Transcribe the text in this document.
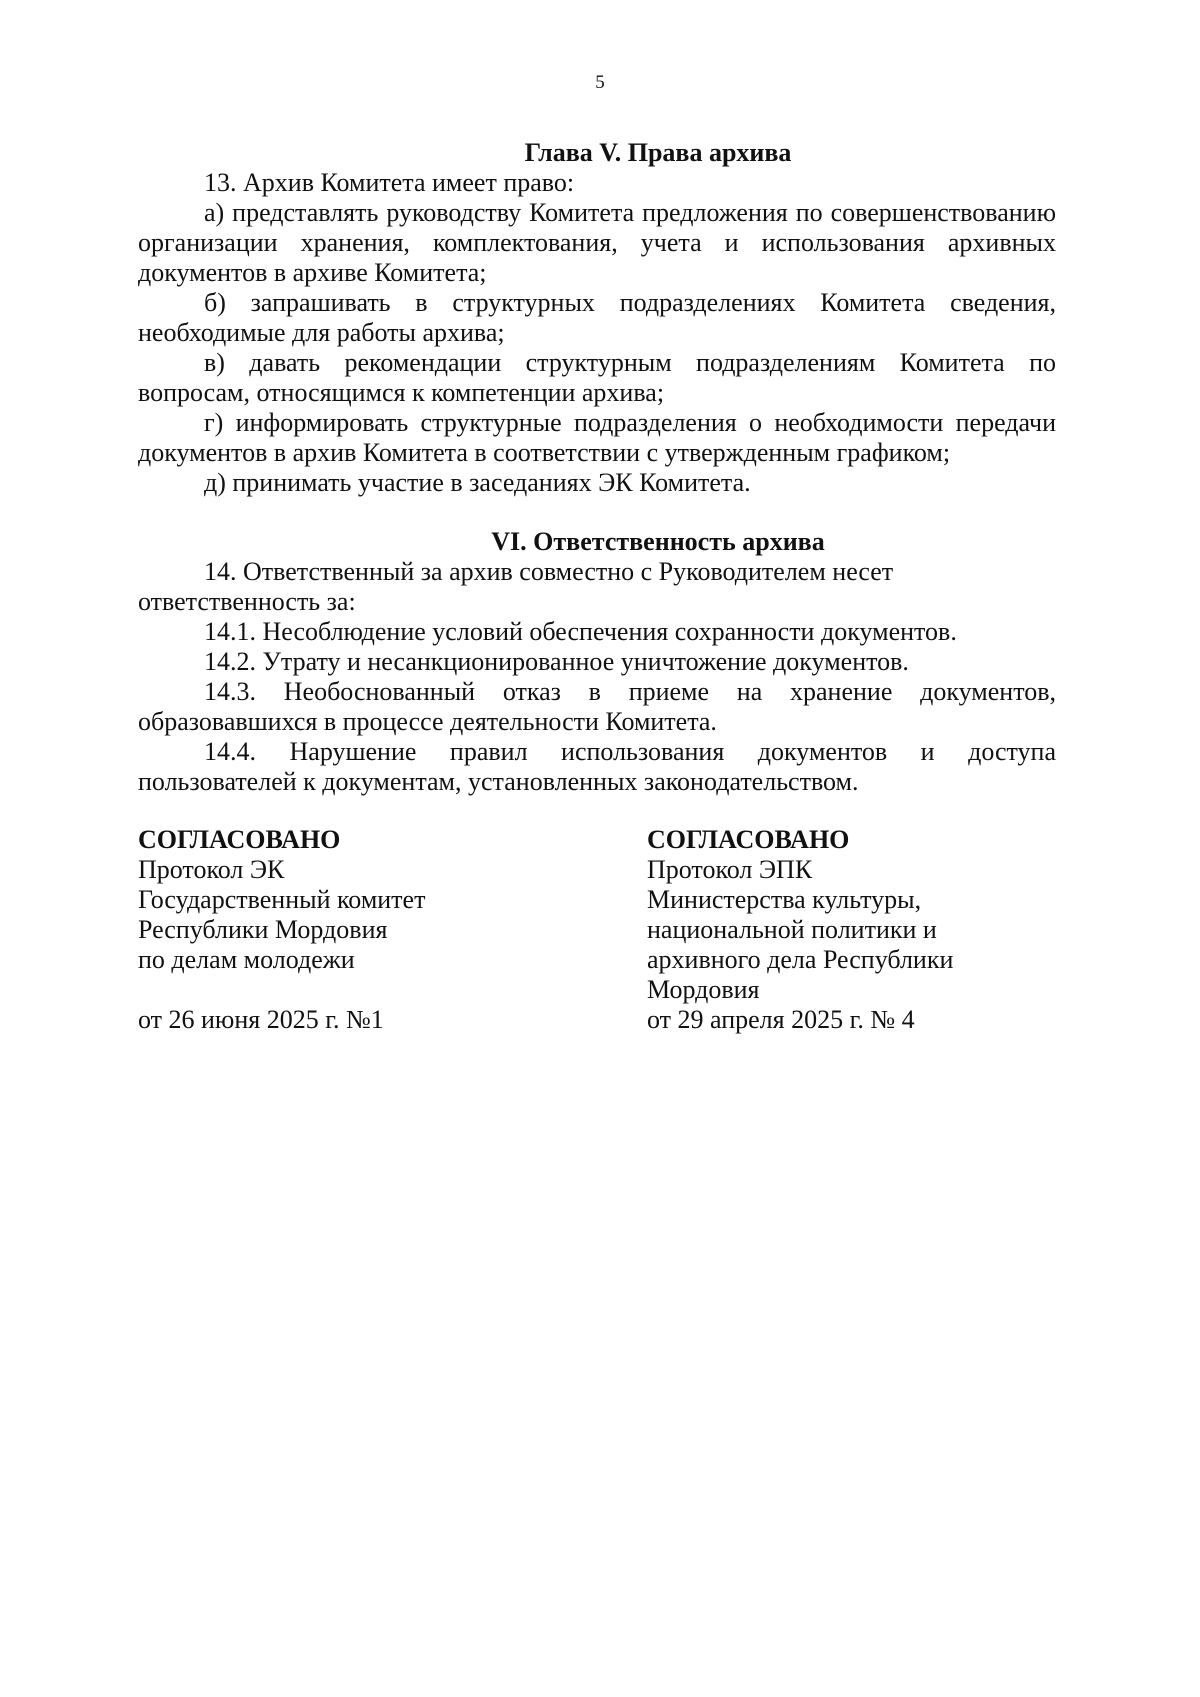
5
Глава V. Права архива

13. Архив Комитета имеет право:

а) представлять руководству Комитета предложения по совершенствованию организации хранения, комплектования, учета и использования архивных документов в архиве Комитета;

б) запрашивать в структурных подразделениях Комитета сведения, необходимые для работы архива;

в) давать рекомендации структурным подразделениям Комитета по вопросам, относящимся к компетенции архива;

г) информировать структурные подразделения о необходимости передачи документов в архив Комитета в соответствии с утвержденным графиком;

д) принимать участие в заседаниях ЭК Комитета.

VI. Ответственность архива

14. Ответственный за архив совместно с Руководителем несет

ответственность за:

14.1. Несоблюдение условий обеспечения сохранности документов.

14.2. Утрату и несанкционированное уничтожение документов.

14.3. Необоснованный отказ в приеме на хранение документов, образовавшихся в процессе деятельности Комитета.

14.4. Нарушение правил использования документов и доступа пользователей к документам, установленных законодательством.

СОГЛАСОВАНО
Протокол ЭК
Государственный комитет
Республики Мордовия
по делам молодежи
от 26 июня 2025 г. №1
СОГЛАСОВАНО
Протокол ЭПК
Министерства культуры,
национальной политики и
архивного дела Республики
Мордовия
от 29 апреля 2025 г. № 4
